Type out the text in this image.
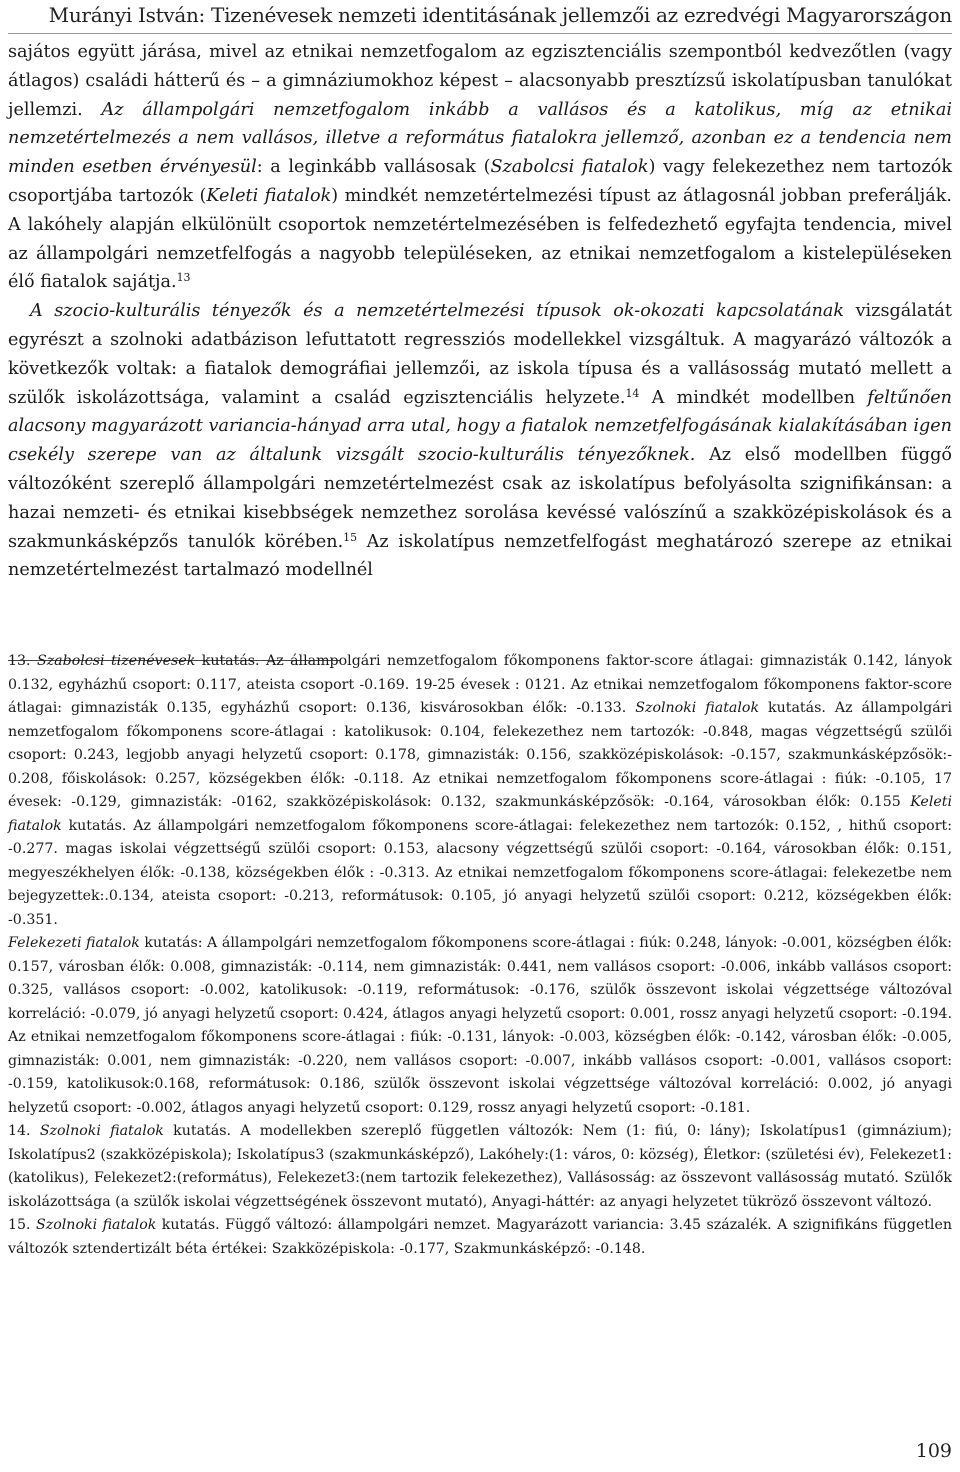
Murányi István: Tizenévesek nemzeti identitásának jellemzői az ezredvégi Magyarországon

sajátos együtt járása, mivel az etnikai nemzetfogalom az egzisztenciális szempontból kedvezőtlen (vagy átlagos) családi hátterű és – a gimnáziumokhoz képest – alacsonyabb presztízsű iskolatípusban tanulókat jellemzi. Az állampolgári nemzetfogalom inkább a vallásos és a katolikus, míg az etnikai nemzetértelmezés a nem vallásos, illetve a református fiatalokra jellemző, azonban ez a tendencia nem minden esetben érvényesül: a leginkább vallásosak (Szabolcsi fiatalok) vagy felekezethez nem tartozók csoportjába tartozók (Keleti fiatalok) mindkét nemzetértelmezési típust az átlagosnál jobban preferálják. A lakóhely alapján elkülönült csoportok nemzetértelmezésében is felfedezhető egyfajta tendencia, mivel az állampolgári nemzetfelfogás a nagyobb településeken, az etnikai nemzetfogalom a kistelepüléseken élő fiatalok sajátja.$^{13}$

A szocio-kulturális tényezők és a nemzetértelmezési típusok ok-okozati kapcsolatának vizsgálatát egyrészt a szolnoki adatbázison lefuttatott regressziós modellekkel vizsgáltuk. A magyarázó változók a következők voltak: a fiatalok demográfiai jellemzői, az iskola típusa és a vallásosság mutató mellett a szülők iskolázottsága, valamint a család egzisztenciális helyzete.$^{14}$ A mindkét modellben feltűnően alacsony magyarázott variancia-hányad arra utal, hogy a fiatalok nemzetfelfogásának kialakításában igen csekély szerepe van az általunk vizsgált szocio-kulturális tényezőknek. Az első modellben függő változóként szereplő állampolgári nemzetértelmezést csak az iskolatípus befolyásolta szignifikánsan: a hazai nemzeti- és etnikai kisebbségek nemzethez sorolása kevéssé valószínű a szakközépiskolások és a szakmunkásképzős tanulók körében.$^{15}$ Az iskolatípus nemzetfelfogást meghatározó szerepe az etnikai nemzetértelmezést tartalmazó modellnél

13. Szabolcsi tizenévesek kutatás. Az állampolgári nemzetfogalom főkomponens faktor-score átlagai: gimnazisták 0.142, lányok 0.132, egyházhű csoport: 0.117, ateista csoport -0.169. 19-25 évesek : 0121. Az etnikai nemzetfogalom főkomponens faktor-score átlagai: gimnazisták 0.135, egyházhű csoport: 0.136, kisvárosokban élők: -0.133. Szolnoki fiatalok kutatás. Az állampolgári nemzetfogalom főkomponens score-átlagai : katolikusok: 0.104, felekezethez nem tartozók: -0.848, magas végzettségű szülői csoport: 0.243, legjobb anyagi helyzetű csoport: 0.178, gimnazisták: 0.156, szakközépiskolások: -0.157, szakmunkásképzősök:- 0.208, főiskolások: 0.257, községekben élők: -0.118. Az etnikai nemzetfogalom főkomponens score-átlagai : fiúk: -0.105, 17 évesek: -0.129, gimnazisták: -0162, szakközépiskolások: 0.132, szakmunkásképzősök: -0.164, városokban élők: 0.155 Keleti fiatalok kutatás. Az állampolgári nemzetfogalom főkomponens score-átlagai: felekezethez nem tartozók: 0.152, , hithű csoport: -0.277. magas iskolai végzettségű szülői csoport: 0.153, alacsony végzettségű szülői csoport: -0.164, városokban élők: 0.151, megyeszékhelyen élők: -0.138, községekben élők : -0.313. Az etnikai nemzetfogalom főkomponens score-átlagai: felekezetbe nem bejegyzettek:.0.134, ateista csoport: -0.213, reformátusok: 0.105, jó anyagi helyzetű szülői csoport: 0.212, községekben élők: -0.351.

Felekezeti fiatalok kutatás: A állampolgári nemzetfogalom főkomponens score-átlagai : fiúk: 0.248, lányok: -0.001, községben élők: 0.157, városban élők: 0.008, gimnazisták: -0.114, nem gimnazisták: 0.441, nem vallásos csoport: -0.006, inkább vallásos csoport: 0.325, vallásos csoport: -0.002, katolikusok: -0.119, reformátusok: -0.176, szülők összevont iskolai végzettsége változóval korreláció: -0.079, jó anyagi helyzetű csoport: 0.424, átlagos anyagi helyzetű csoport: 0.001, rossz anyagi helyzetű csoport: -0.194. Az etnikai nemzetfogalom főkomponens score-átlagai : fiúk: -0.131, lányok: -0.003, községben élők: -0.142, városban élők: -0.005, gimnazisták: 0.001, nem gimnazisták: -0.220, nem vallásos csoport: -0.007, inkább vallásos csoport: -0.001, vallásos csoport: -0.159, katolikusok:0.168, reformátusok: 0.186, szülők összevont iskolai végzettsége változóval korreláció: 0.002, jó anyagi helyzetű csoport: -0.002, átlagos anyagi helyzetű csoport: 0.129, rossz anyagi helyzetű csoport: -0.181.

14. Szolnoki fiatalok kutatás. A modellekben szereplő független változók: Nem (1: fiú, 0: lány); Iskolatípus1 (gimnázium); Iskolatípus2 (szakközépiskola); Iskolatípus3 (szakmunkásképző), Lakóhely:(1: város, 0: község), Életkor: (születési év), Felekezet1: (katolikus), Felekezet2:(református), Felekezet3:(nem tartozik felekezethez), Vallásosság: az összevont vallásosság mutató. Szülők iskolázottsága (a szülők iskolai végzettségének összevont mutató), Anyagi-háttér: az anyagi helyzetet tükröző összevont változó.

15. Szolnoki fiatalok kutatás. Függő változó: állampolgári nemzet. Magyarázott variancia: 3.45 százalék. A szignifikáns független változók sztendertizált béta értékei: Szakközépiskola: -0.177, Szakmunkásképző: -0.148.

109
